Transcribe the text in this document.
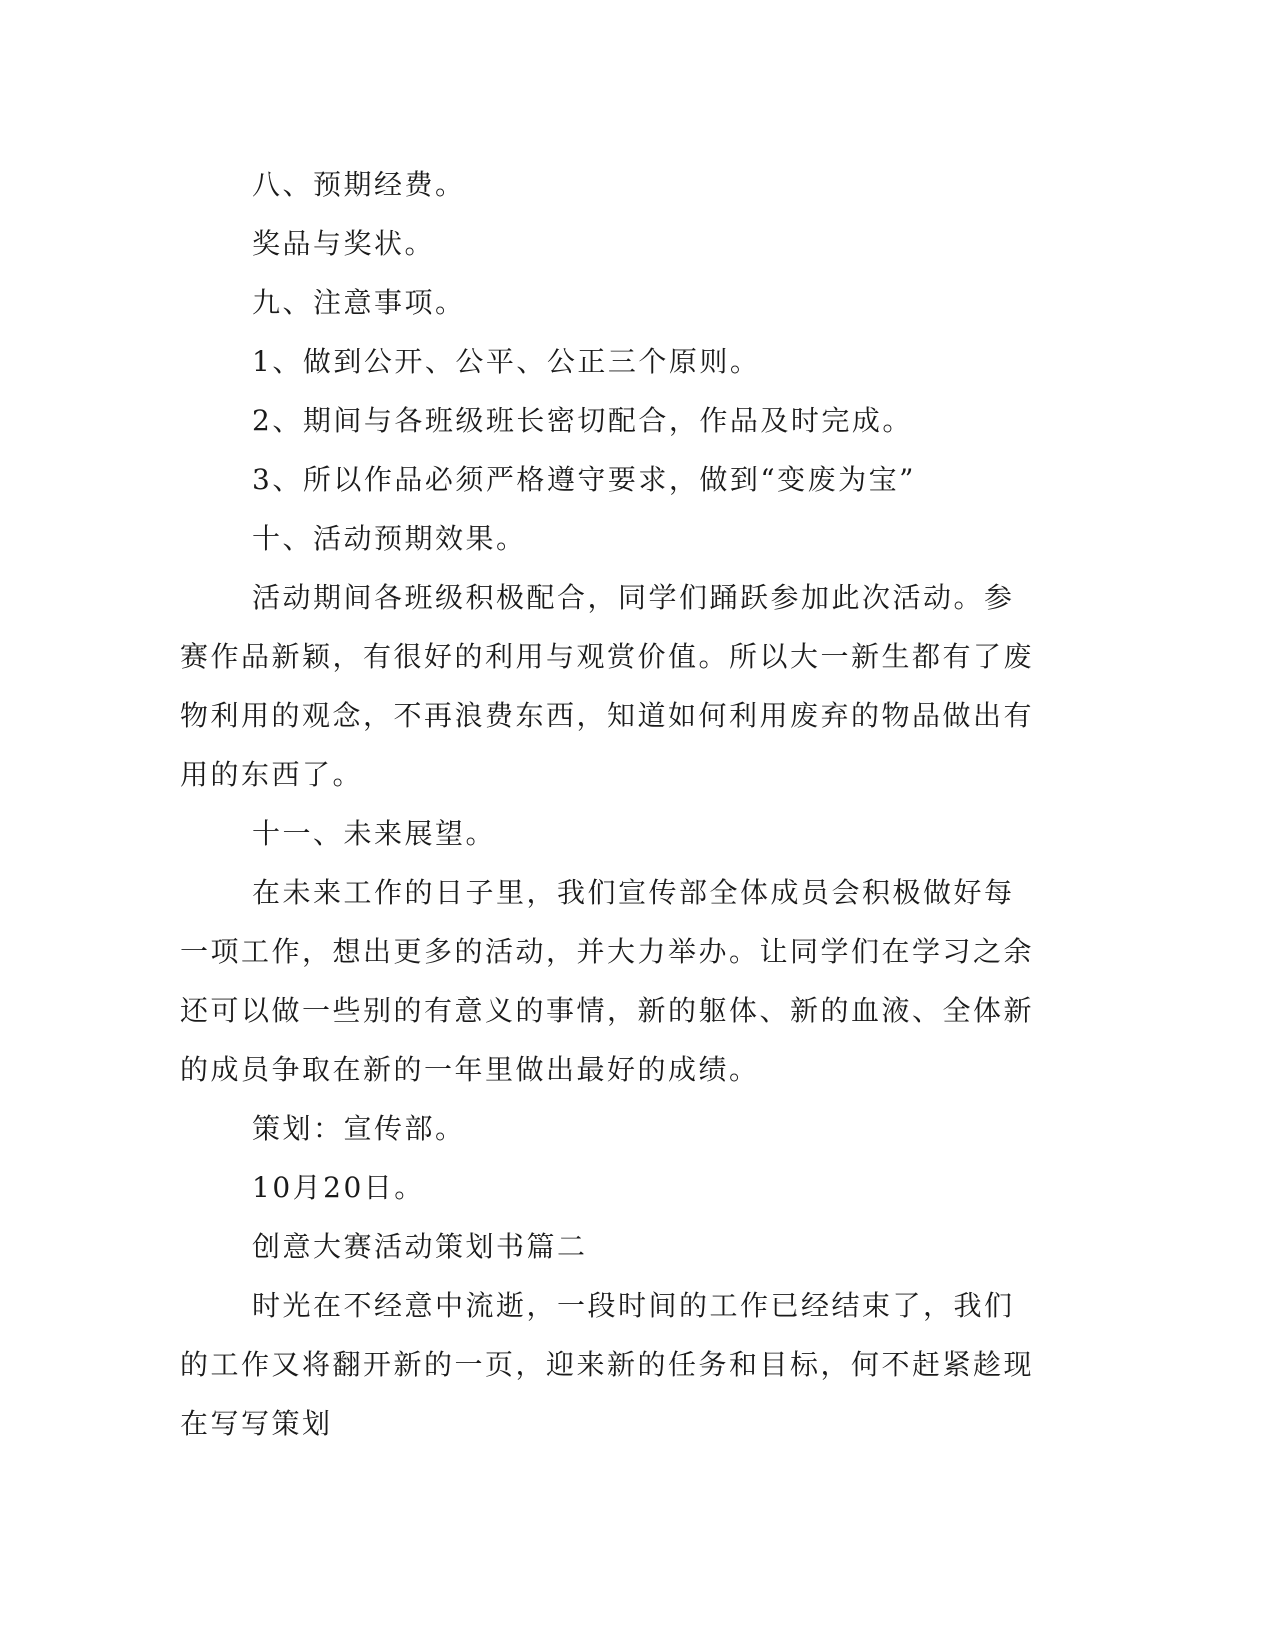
八、预期经费。

奖品与奖状。

九、注意事项。

1、做到公开、公平、公正三个原则。

2、期间与各班级班长密切配合，作品及时完成。

3、所以作品必须严格遵守要求，做到“变废为宝”

十、活动预期效果。

活动期间各班级积极配合，同学们踊跃参加此次活动。参赛作品新颖，有很好的利用与观赏价值。所以大一新生都有了废物利用的观念，不再浪费东西，知道如何利用废弃的物品做出有用的东西了。

十一、未来展望。

在未来工作的日子里，我们宣传部全体成员会积极做好每一项工作，想出更多的活动，并大力举办。让同学们在学习之余还可以做一些别的有意义的事情，新的躯体、新的血液、全体新的成员争取在新的一年里做出最好的成绩。

策划：宣传部。

10月20日。

创意大赛活动策划书篇二

时光在不经意中流逝，一段时间的工作已经结束了，我们的工作又将翻开新的一页，迎来新的任务和目标，何不赶紧趁现在写写策划
